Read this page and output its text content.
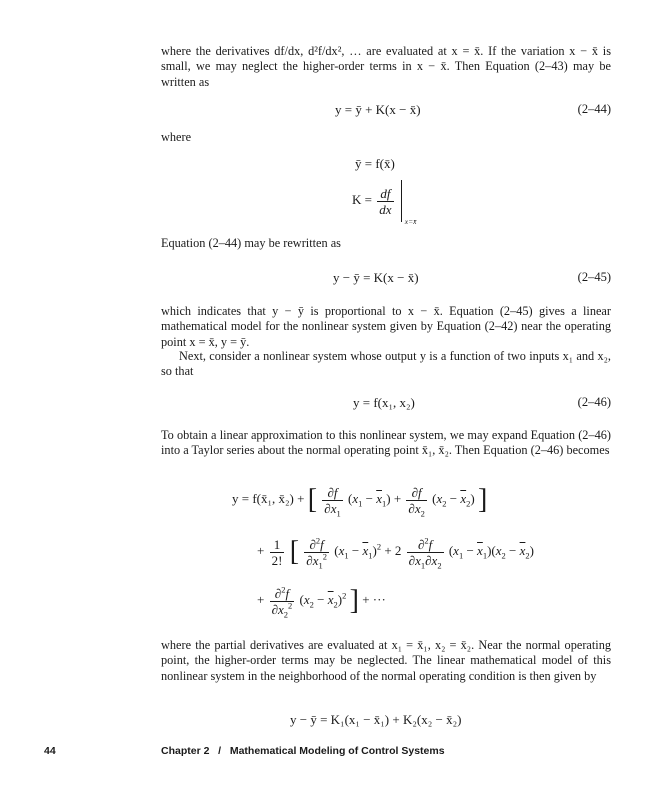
where the derivatives df/dx, d²f/dx², … are evaluated at x = x̄. If the variation x − x̄ is small, we may neglect the higher-order terms in x − x̄. Then Equation (2–43) may be written as

y = ȳ + K(x − x̄)	(2–44)

where

ȳ = f(x̄)
$K = \frac{df}{dx}$

x=x̄

Equation (2–44) may be rewritten as

y − ȳ = K(x − x̄)	(2–45)

which indicates that y − ȳ is proportional to x − x̄. Equation (2–45) gives a linear mathematical model for the nonlinear system given by Equation (2–42) near the operating point x = x̄, y = ȳ.

Next, consider a nonlinear system whose output y is a function of two inputs x₁ and x₂, so that

y = f(x₁, x₂)	(2–46)

To obtain a linear approximation to this nonlinear system, we may expand Equation (2–46) into a Taylor series about the normal operating point x̄₁, x̄₂. Then Equation (2–46) becomes

y = f(x̄₁, x̄₂) + [ $\frac{\partial f}{\partial x_1} (x_1 - \overline{x}_1) + \frac{\partial f}{\partial x_2} (x_2 - \overline{x}_2)$ ]
+ $\frac{1}{2!}$ [ $\frac{\partial^2f}{\partial x_1^2} (x_1 - \overline{x}_1)^2 + 2 \frac{\partial^2f}{\partial x_1\partial x_2} (x_1 - \overline{x}_1)(x_2 - \overline{x}_2)$
+ $\frac{\partial^2f}{\partial x_2^2} (x_2 - \overline{x}_2)^2$ ] + ···

where the partial derivatives are evaluated at x₁ = x̄₁, x₂ = x̄₂. Near the normal operating point, the higher-order terms may be neglected. The linear mathematical model of this nonlinear system in the neighborhood of the normal operating condition is then given by

y − ȳ = K₁(x₁ − x̄₁) + K₂(x₂ − x̄₂)
44	Chapter 2   /   Mathematical Modeling of Control Systems
